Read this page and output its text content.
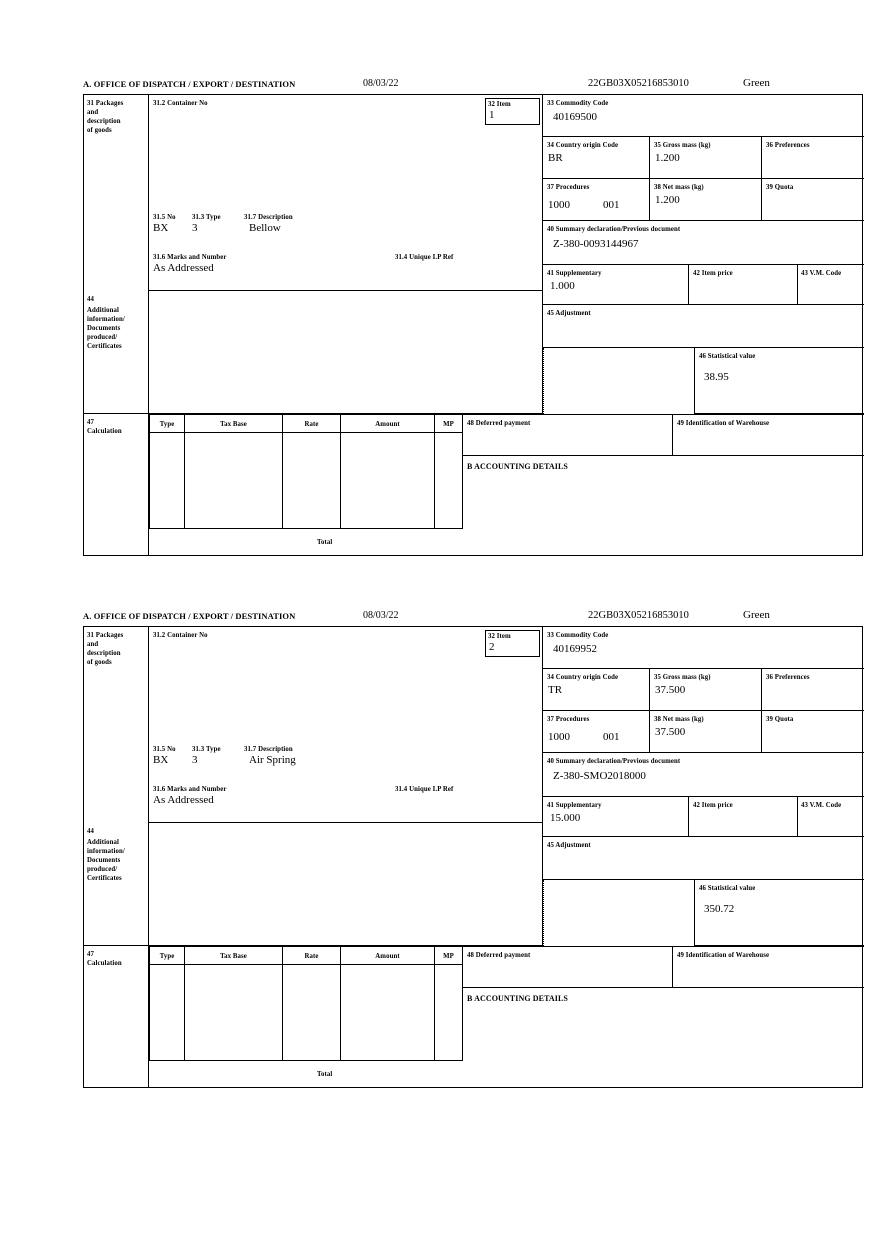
A. OFFICE OF DISPATCH / EXPORT / DESTINATION	08/03/22	22GB03X05216853010	Green
31 Packages
and
description
of goods
31.2 Container No
31.5 No 31.3 Type	31.7 Description
BX 3	Bellow
31.6 Marks and Number	31.4 Unique I.P Ref
As Addressed
32 Item
1
33 Commodity Code
40169500
34 Country origin Code
BR
35 Gross mass (kg)
1.200
36 Preferences
37 Procedures
1000	001
38 Net mass (kg)
1.200
39 Quota
40 Summary declaration/Previous document
Z-380-0093144967
41 Supplementary
1.000
42 Item price	43 V.M. Code
44
Additional
information/
Documents
produced/
Certificates
45 Adjustment
46 Statistical value
38.95
47
Calculation
Type	Tax Base	Rate	Amount	MP
Total
48 Deferred payment	49 Identification of Warehouse
B ACCOUNTING DETAILS
A. OFFICE OF DISPATCH / EXPORT / DESTINATION	08/03/22	22GB03X05216853010	Green
31 Packages
and
description
of goods
31.2 Container No
31.5 No 31.3 Type	31.7 Description
BX 3	Air Spring
31.6 Marks and Number	31.4 Unique I.P Ref
As Addressed
32 Item
2
33 Commodity Code
40169952
34 Country origin Code
TR
35 Gross mass (kg)
37.500
36 Preferences
37 Procedures
1000	001
38 Net mass (kg)
37.500
39 Quota
40 Summary declaration/Previous document
Z-380-SMO2018000
41 Supplementary
15.000
42 Item price	43 V.M. Code
44
Additional
information/
Documents
produced/
Certificates
45 Adjustment
46 Statistical value
350.72
47
Calculation
Type	Tax Base	Rate	Amount	MP
Total
48 Deferred payment	49 Identification of Warehouse
B ACCOUNTING DETAILS
